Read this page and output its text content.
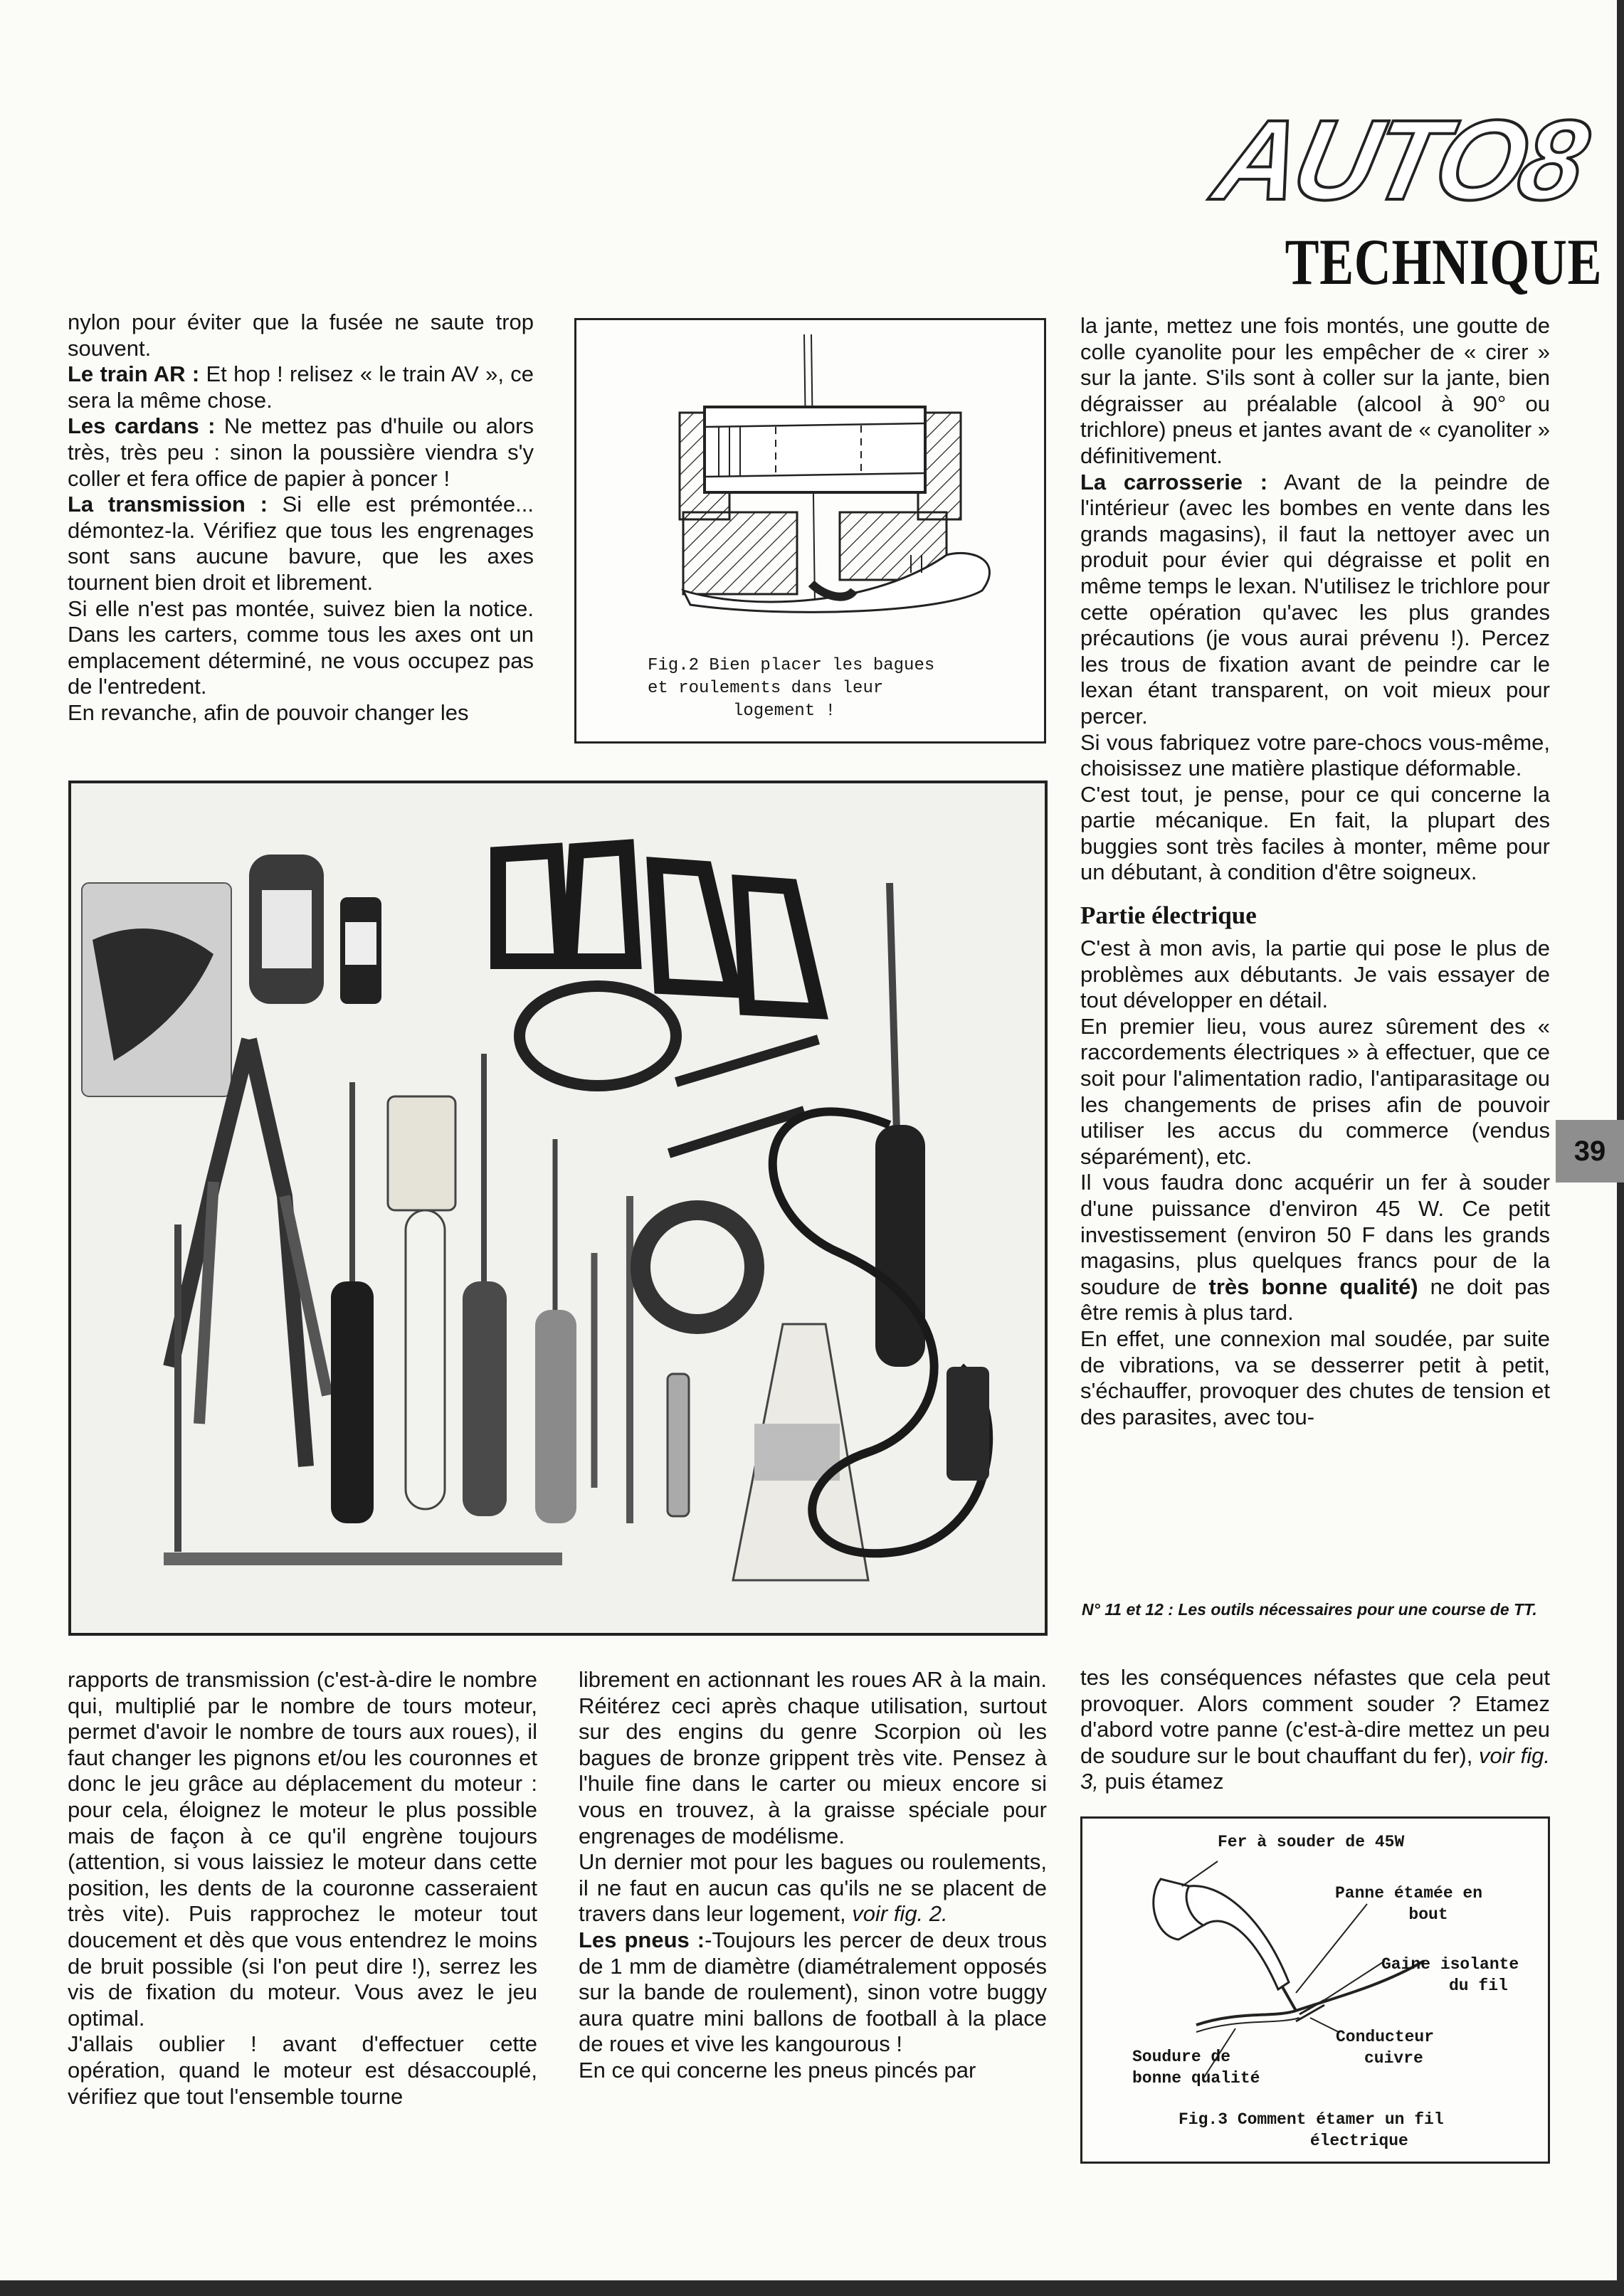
AUTO8
TECHNIQUE

nylon pour éviter que la fusée ne saute trop souvent.

Le train AR : Et hop ! relisez « le train AV », ce sera la même chose.

Les cardans : Ne mettez pas d'huile ou alors très, très peu : sinon la poussière viendra s'y coller et fera office de papier à poncer !

La transmission : Si elle est prémontée... démontez-la. Vérifiez que tous les engrenages sont sans aucune bavure, que les axes tournent bien droit et librement.

Si elle n'est pas montée, suivez bien la notice. Dans les carters, comme tous les axes ont un emplacement déterminé, ne vous occupez pas de l'entredent.

En revanche, afin de pouvoir changer les

Fig.2 Bien placer les bagues
et roulements dans leur
logement !

la jante, mettez une fois montés, une goutte de colle cyanolite pour les empêcher de « cirer » sur la jante. S'ils sont à coller sur la jante, bien dégraisser au préalable (alcool à 90° ou trichlore) pneus et jantes avant de « cyanoliter » définitivement.

La carrosserie : Avant de la peindre de l'intérieur (avec les bombes en vente dans les grands magasins), il faut la nettoyer avec un produit pour évier qui dégraisse et polit en même temps le lexan. N'utilisez le trichlore pour cette opération qu'avec les plus grandes précautions (je vous aurai prévenu !). Percez les trous de fixation avant de peindre car le lexan étant transparent, on voit mieux pour percer.

Si vous fabriquez votre pare-chocs vous-même, choisissez une matière plastique déformable.

C'est tout, je pense, pour ce qui concerne la partie mécanique. En fait, la plupart des buggies sont très faciles à monter, même pour un débutant, à condition d'être soigneux.

Partie électrique

C'est à mon avis, la partie qui pose le plus de problèmes aux débutants. Je vais essayer de tout développer en détail.

En premier lieu, vous aurez sûrement des « raccordements électriques » à effectuer, que ce soit pour l'alimentation radio, l'antiparasitage ou les changements de prises afin de pouvoir utiliser les accus du commerce (vendus séparément), etc.

Il vous faudra donc acquérir un fer à souder d'une puissance d'environ 45 W. Ce petit investissement (environ 50 F dans les grands magasins, plus quelques francs pour de la soudure de très bonne qualité) ne doit pas être remis à plus tard.

En effet, une connexion mal soudée, par suite de vibrations, va se desserrer petit à petit, s'échauffer, provoquer des chutes de tension et des parasites, avec tou-

N° 11 et 12 : Les outils nécessaires pour une course de TT.
39

rapports de transmission (c'est-à-dire le nombre qui, multiplié par le nombre de tours moteur, permet d'avoir le nombre de tours aux roues), il faut changer les pignons et/ou les couronnes et donc le jeu grâce au déplacement du moteur : pour cela, éloignez le moteur le plus possible mais de façon à ce qu'il engrène toujours (attention, si vous laissiez le moteur dans cette position, les dents de la couronne casseraient très vite). Puis rapprochez le moteur tout doucement et dès que vous entendrez le moins de bruit possible (si l'on peut dire !), serrez les vis de fixation du moteur. Vous avez le jeu optimal.

J'allais oublier ! avant d'effectuer cette opération, quand le moteur est désaccouplé, vérifiez que tout l'ensemble tourne

librement en actionnant les roues AR à la main. Réitérez ceci après chaque utilisation, surtout sur des engins du genre Scorpion où les bagues de bronze grippent très vite. Pensez à l'huile fine dans le carter ou mieux encore si vous en trouvez, à la graisse spéciale pour engrenages de modélisme.

Un dernier mot pour les bagues ou roulements, il ne faut en aucun cas qu'ils ne se placent de travers dans leur logement, voir fig. 2.

Les pneus :-Toujours les percer de deux trous de 1 mm de diamètre (diamétralement opposés sur la bande de roulement), sinon votre buggy aura quatre mini ballons de football à la place de roues et vive les kangourous !

En ce qui concerne les pneus pincés par

tes les conséquences néfastes que cela peut provoquer. Alors comment souder ? Etamez d'abord votre panne (c'est-à-dire mettez un peu de soudure sur le bout chauffant du fer), voir fig. 3, puis étamez

Fer à souder de 45W
Panne étamée en
bout
Gaine isolante
du fil
Conducteur
cuivre
Soudure de
bonne qualité
Fig.3 Comment étamer un fil
électrique
